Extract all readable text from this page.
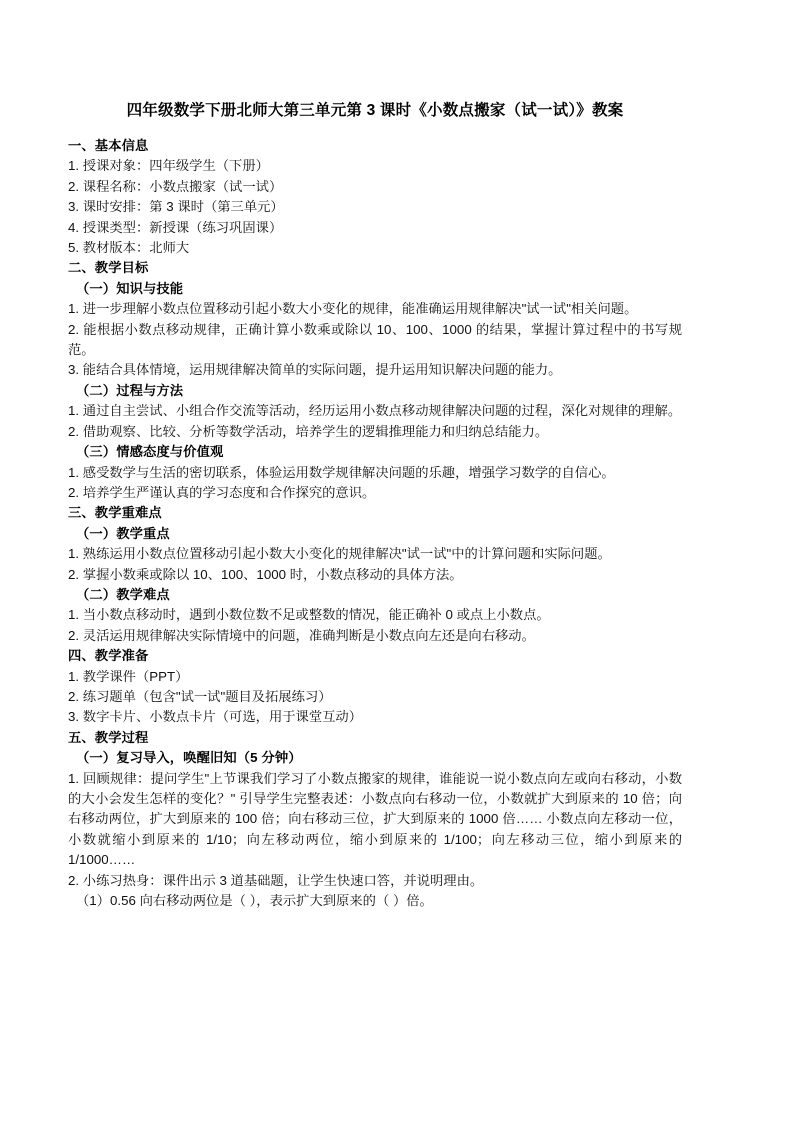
四年级数学下册北师大第三单元第 3 课时《小数点搬家（试一试）》教案
一、基本信息
1. 授课对象：四年级学生（下册）
2. 课程名称：小数点搬家（试一试）
3. 课时安排：第 3 课时（第三单元）
4. 授课类型：新授课（练习巩固课）
5. 教材版本：北师大
二、教学目标
（一）知识与技能
1. 进一步理解小数点位置移动引起小数大小变化的规律，能准确运用规律解决"试一试"相关问题。
2. 能根据小数点移动规律，正确计算小数乘或除以 10、100、1000 的结果，掌握计算过程中的书写规范。
3. 能结合具体情境，运用规律解决简单的实际问题，提升运用知识解决问题的能力。
（二）过程与方法
1. 通过自主尝试、小组合作交流等活动，经历运用小数点移动规律解决问题的过程，深化对规律的理解。
2. 借助观察、比较、分析等数学活动，培养学生的逻辑推理能力和归纳总结能力。
（三）情感态度与价值观
1. 感受数学与生活的密切联系，体验运用数学规律解决问题的乐趣，增强学习数学的自信心。
2. 培养学生严谨认真的学习态度和合作探究的意识。
三、教学重难点
（一）教学重点
1. 熟练运用小数点位置移动引起小数大小变化的规律解决"试一试"中的计算问题和实际问题。
2. 掌握小数乘或除以 10、100、1000 时，小数点移动的具体方法。
（二）教学难点
1. 当小数点移动时，遇到小数位数不足或整数的情况，能正确补 0 或点上小数点。
2. 灵活运用规律解决实际情境中的问题，准确判断是小数点向左还是向右移动。
四、教学准备
1. 教学课件（PPT）
2. 练习题单（包含"试一试"题目及拓展练习）
3. 数字卡片、小数点卡片（可选，用于课堂互动）
五、教学过程
（一）复习导入，唤醒旧知（5 分钟）
1. 回顾规律：提问学生"上节课我们学习了小数点搬家的规律，谁能说一说小数点向左或向右移动，小数的大小会发生怎样的变化？" 引导学生完整表述：小数点向右移动一位，小数就扩大到原来的 10 倍；向右移动两位，扩大到原来的 100 倍；向右移动三位，扩大到原来的 1000 倍…… 小数点向左移动一位，小数就缩小到原来的 1/10；向左移动两位，缩小到原来的 1/100；向左移动三位，缩小到原来的 1/1000……
2. 小练习热身：课件出示 3 道基础题，让学生快速口答，并说明理由。
（1）0.56 向右移动两位是（ ），表示扩大到原来的（ ）倍。
